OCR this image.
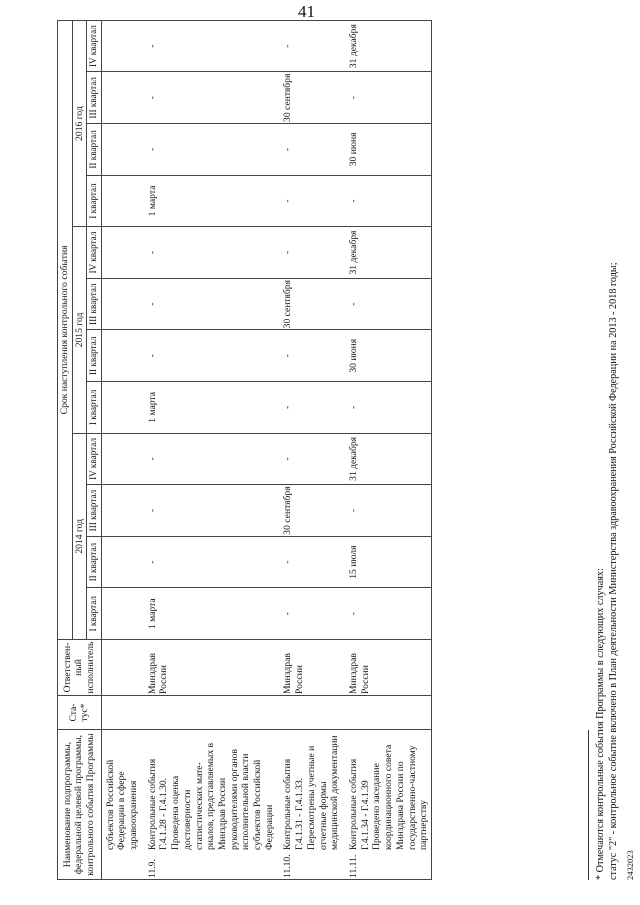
41
Наименование подпрограммы, федеральной целевой программы, контрольного события Программы	Ста-тус*	Ответствен-ный исполнитель	Срок наступления контрольного события											
			2014 год				2015 год				2016 год			
			I квартал	II квартал	III квартал	IV квартал	I квартал	II квартал	III квартал	IV квартал	I квартал	II квартал	III квартал	IV квартал
субъектов Российской Федерации в сфере здравоохранения														
11.9.Контрольные события Г.4.1.28 - Г.4.1.30. Проведена оценка достоверности статистических мате-риалов, представляемых в Минздрав России руководителями органов исполнительной власти субъектов Российской Федерации		Минздрав России	1 марта	-	-	-	1 марта	-	-	-	1 марта	-	-	-
11.10.Контрольные события Г.4.1.31 - Г.4.1.33. Пересмотрены учетные и отчетные формы медицинской документации		Минздрав России	-	-	30 сентября	-	-	-	30 сентября	-	-	-	30 сентября	-
11.11.Контрольные события Г.4.1.34 - Г.4.1.39 Проведено заседание координационного совета Минздрава России по государственно-частному партнерству		Минздрав России	-	15 июля	-	31 декабря	-	30 июня	-	31 декабря	-	30 июня	-	31 декабря
* Отмечаются контрольные события Программы в следующих случаях: статус "2" - контрольное событие включено в План деятельности Министерства здравоохранения Российской Федерации на 2013 - 2018 годы; 2432023
